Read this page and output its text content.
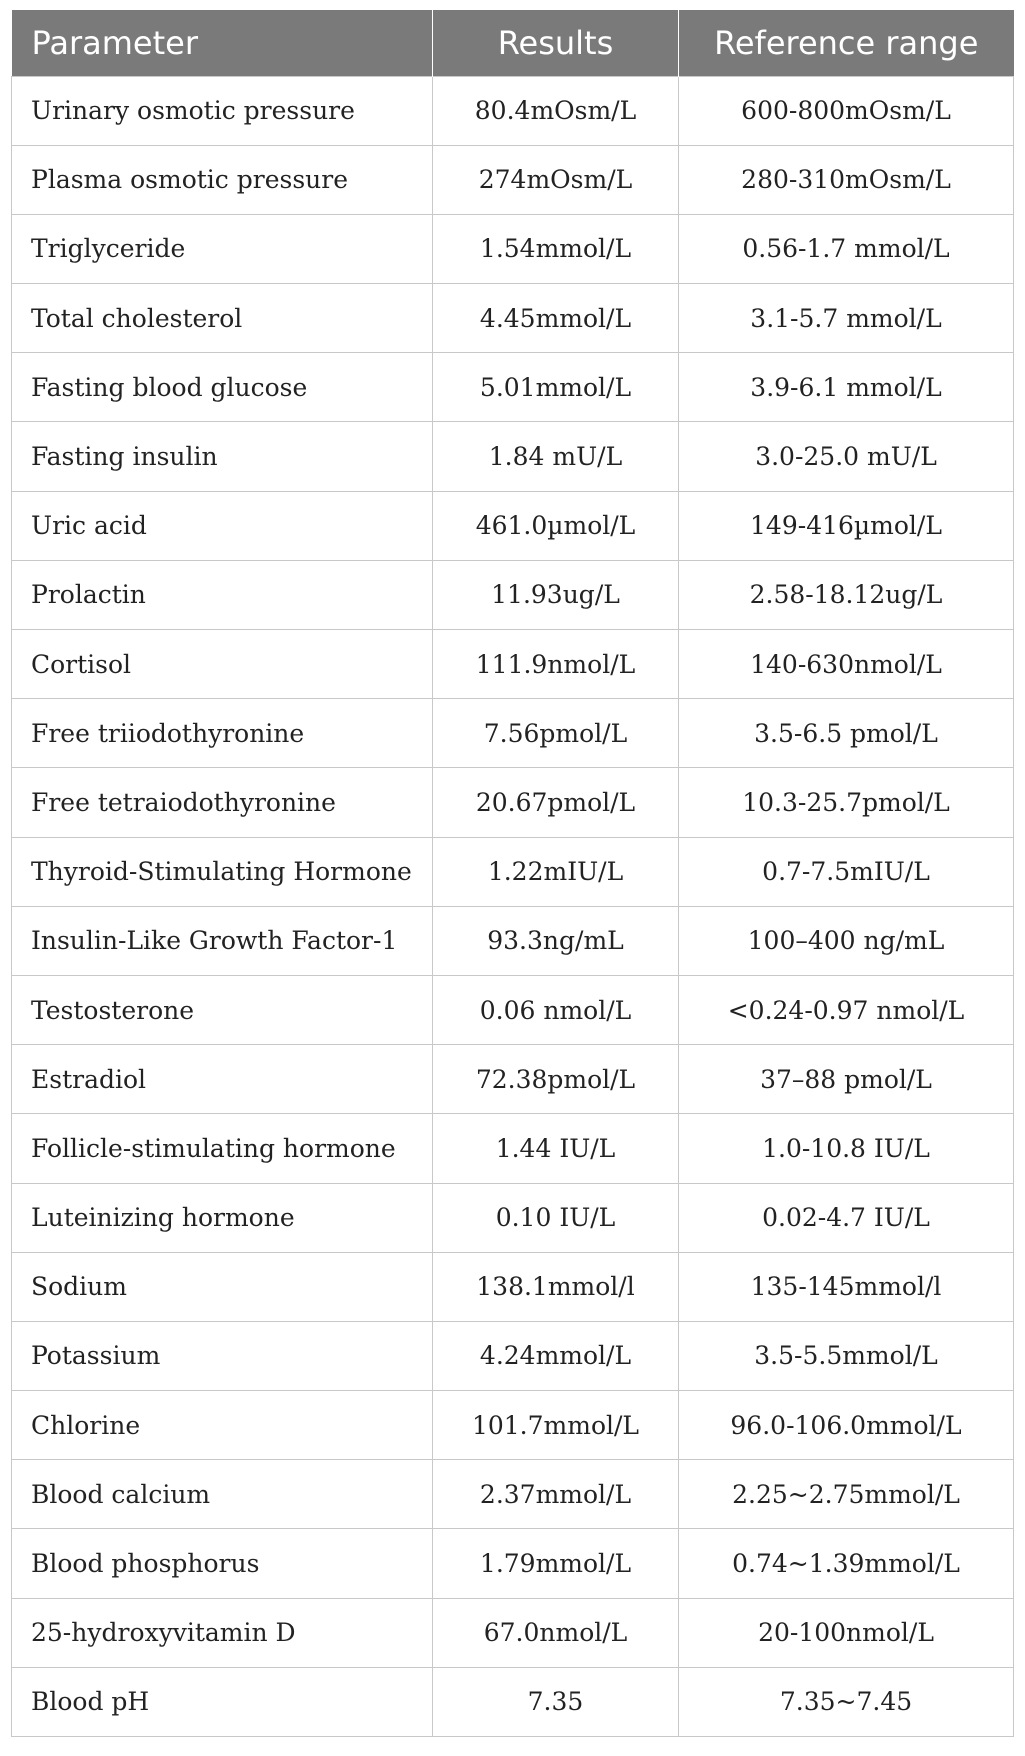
Parameter	Results	Reference range
Urinary osmotic pressure	80.4mOsm/L	600-800mOsm/L
Plasma osmotic pressure	274mOsm/L	280-310mOsm/L
Triglyceride	1.54mmol/L	0.56-1.7 mmol/L
Total cholesterol	4.45mmol/L	3.1-5.7 mmol/L
Fasting blood glucose	5.01mmol/L	3.9-6.1 mmol/L
Fasting insulin	1.84 mU/L	3.0-25.0 mU/L
Uric acid	461.0µmol/L	149-416µmol/L
Prolactin	11.93ug/L	2.58-18.12ug/L
Cortisol	111.9nmol/L	140-630nmol/L
Free triiodothyronine	7.56pmol/L	3.5-6.5 pmol/L
Free tetraiodothyronine	20.67pmol/L	10.3-25.7pmol/L
Thyroid-Stimulating Hormone	1.22mIU/L	0.7-7.5mIU/L
Insulin-Like Growth Factor-1	93.3ng/mL	100–400 ng/mL
Testosterone	0.06 nmol/L	<0.24-0.97 nmol/L
Estradiol	72.38pmol/L	37–88 pmol/L
Follicle-stimulating hormone	1.44 IU/L	1.0-10.8 IU/L
Luteinizing hormone	0.10 IU/L	0.02-4.7 IU/L
Sodium	138.1mmol/l	135-145mmol/l
Potassium	4.24mmol/L	3.5-5.5mmol/L
Chlorine	101.7mmol/L	96.0-106.0mmol/L
Blood calcium	2.37mmol/L	2.25~2.75mmol/L
Blood phosphorus	1.79mmol/L	0.74~1.39mmol/L
25-hydroxyvitamin D	67.0nmol/L	20-100nmol/L
Blood pH	7.35	7.35~7.45
